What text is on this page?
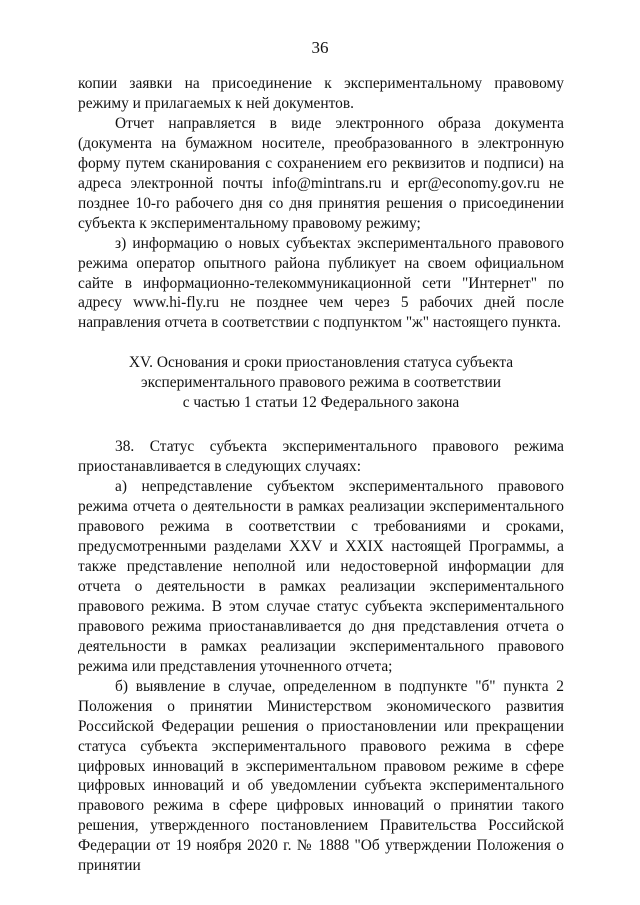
36

копии заявки на присоединение к экспериментальному правовому режиму и прилагаемых к ней документов.

Отчет направляется в виде электронного образа документа (документа на бумажном носителе, преобразованного в электронную форму путем сканирования с сохранением его реквизитов и подписи) на адреса электронной почты info@mintrans.ru и epr@economy.gov.ru не позднее 10-го рабочего дня со дня принятия решения о присоединении субъекта к экспериментальному правовому режиму;

з) информацию о новых субъектах экспериментального правового режима оператор опытного района публикует на своем официальном сайте в информационно-телекоммуникационной сети "Интернет" по адресу www.hi-fly.ru не позднее чем через 5 рабочих дней после направления отчета в соответствии с подпунктом "ж" настоящего пункта.

XV. Основания и сроки приостановления статуса субъекта
экспериментального правового режима в соответствии
с частью 1 статьи 12 Федерального закона

38. Статус субъекта экспериментального правового режима приостанавливается в следующих случаях:

а) непредставление субъектом экспериментального правового режима отчета о деятельности в рамках реализации экспериментального правового режима в соответствии с требованиями и сроками, предусмотренными разделами XXV и XXIX настоящей Программы, а также представление неполной или недостоверной информации для отчета о деятельности в рамках реализации экспериментального правового режима. В этом случае статус субъекта экспериментального правового режима приостанавливается до дня представления отчета о деятельности в рамках реализации экспериментального правового режима или представления уточненного отчета;

б) выявление в случае, определенном в подпункте "б" пункта 2 Положения о принятии Министерством экономического развития Российской Федерации решения о приостановлении или прекращении статуса субъекта экспериментального правового режима в сфере цифровых инноваций в экспериментальном правовом режиме в сфере цифровых инноваций и об уведомлении субъекта экспериментального правового режима в сфере цифровых инноваций о принятии такого решения, утвержденного постановлением Правительства Российской Федерации от 19 ноября 2020 г. № 1888 "Об утверждении Положения о принятии
